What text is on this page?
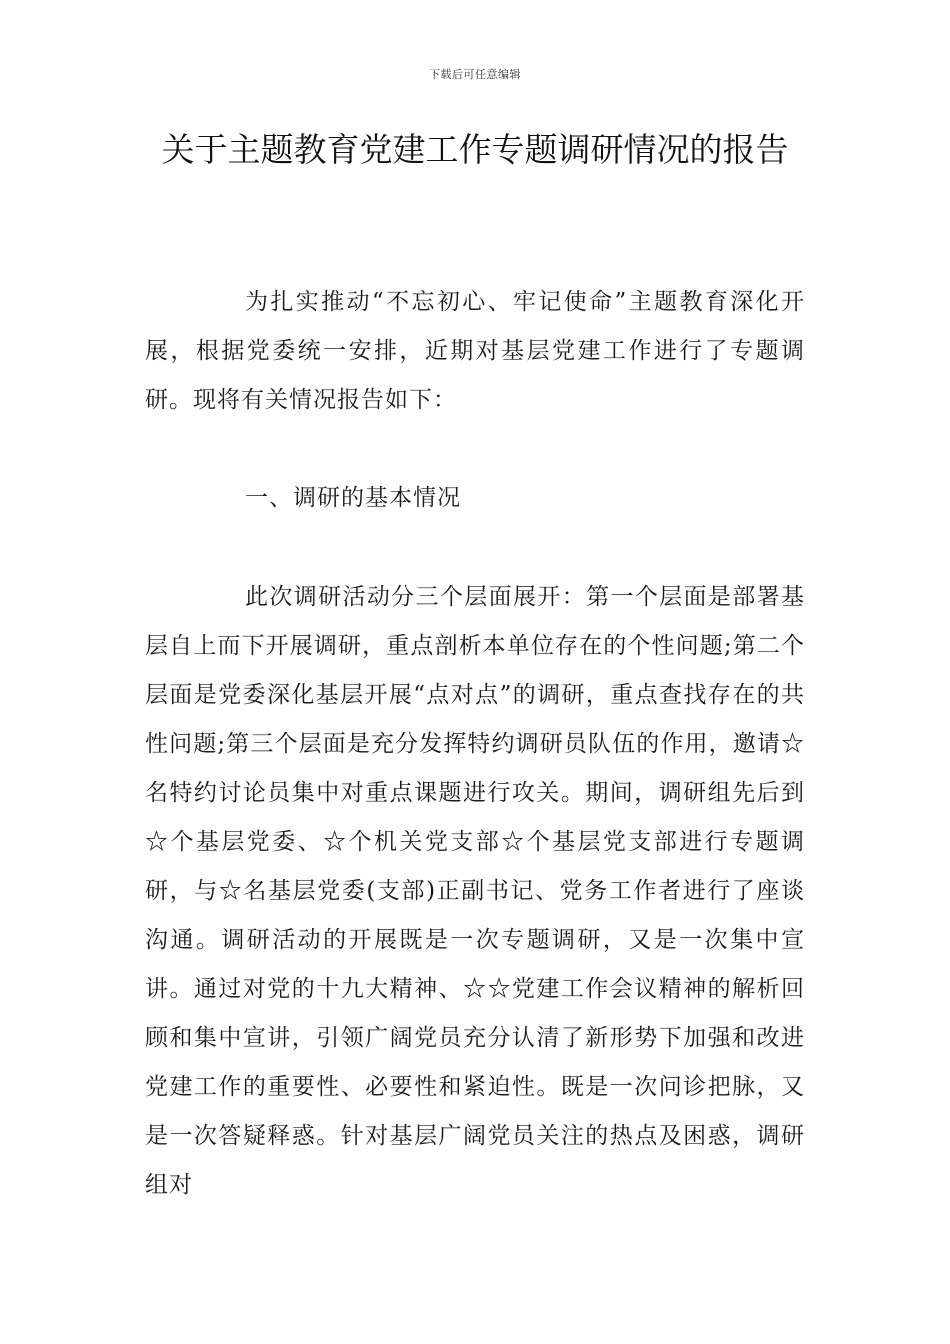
下载后可任意编辑
关于主题教育党建工作专题调研情况的报告

为扎实推动“不忘初心、牢记使命”主题教育深化开展，根据党委统一安排，近期对基层党建工作进行了专题调研。现将有关情况报告如下：

一、调研的基本情况

此次调研活动分三个层面展开：第一个层面是部署基层自上而下开展调研，重点剖析本单位存在的个性问题;第二个层面是党委深化基层开展“点对点”的调研，重点查找存在的共性问题;第三个层面是充分发挥特约调研员队伍的作用，邀请☆名特约讨论员集中对重点课题进行攻关。期间，调研组先后到☆个基层党委、☆个机关党支部☆个基层党支部进行专题调研，与☆名基层党委(支部)正副书记、党务工作者进行了座谈沟通。调研活动的开展既是一次专题调研，又是一次集中宣讲。通过对党的十九大精神、☆☆党建工作会议精神的解析回顾和集中宣讲，引领广阔党员充分认清了新形势下加强和改进党建工作的重要性、必要性和紧迫性。既是一次问诊把脉，又是一次答疑释惑。针对基层广阔党员关注的热点及困惑，调研组对
